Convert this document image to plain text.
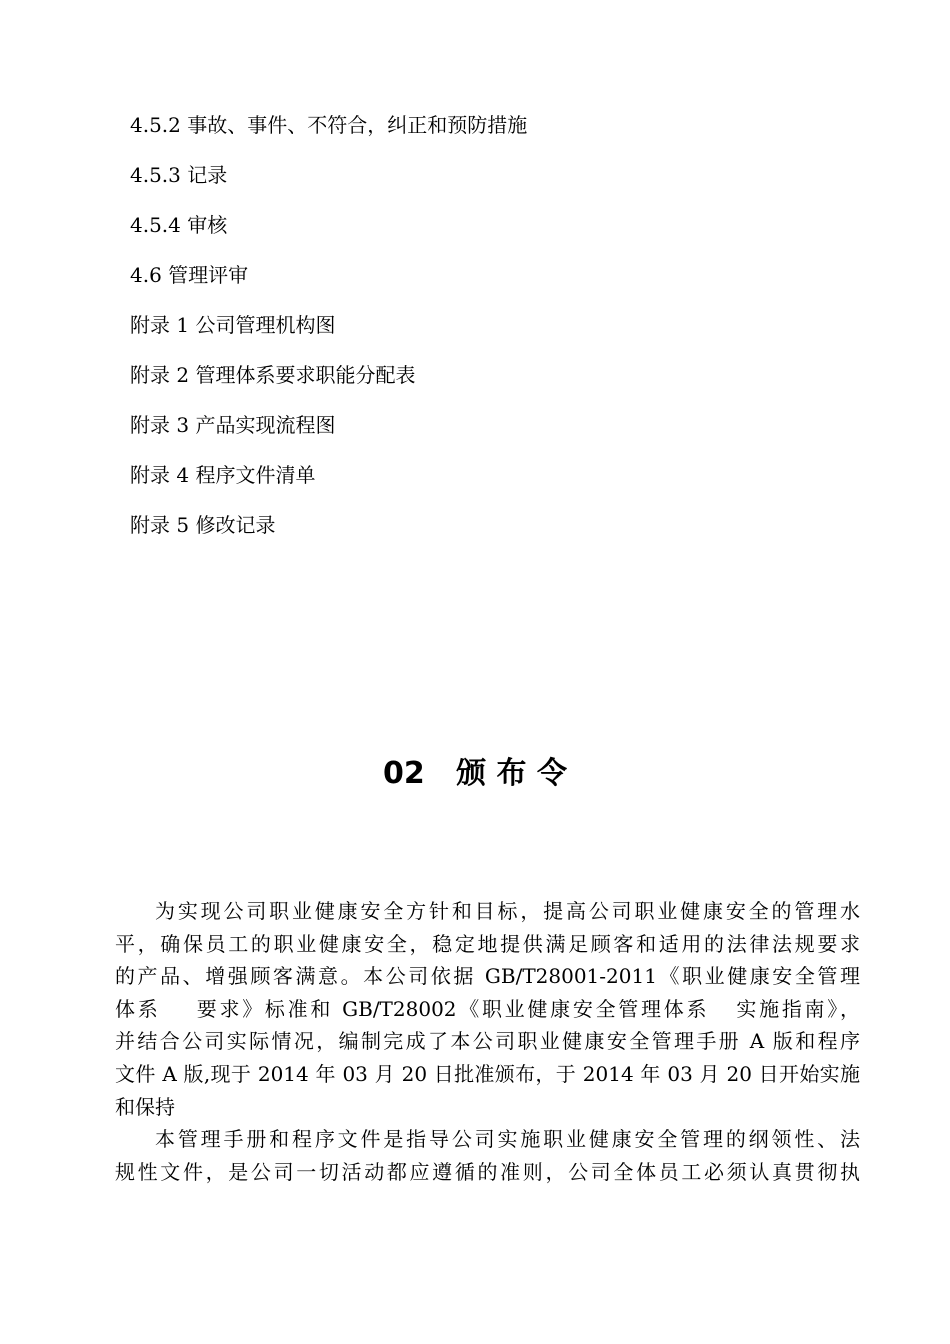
4.5.2 事故、事件、不符合，纠正和预防措施
4.5.3 记录
4.5.4 审核
4.6 管理评审
附录 1 公司管理机构图
附录 2 管理体系要求职能分配表
附录 3 产品实现流程图
附录 4 程序文件清单
附录 5 修改记录
02   颁 布 令
为实现公司职业健康安全方针和目标，提高公司职业健康安全的管理水
平，确保员工的职业健康安全，稳定地提供满足顾客和适用的法律法规要求
的产品、增强顾客满意。本公司依据 GB/T28001-2011《职业健康安全管理
体系    要求》标准和 GB/T28002《职业健康安全管理体系   实施指南》，
并结合公司实际情况，编制完成了本公司职业健康安全管理手册 A 版和程序
文件 A 版,现于 2014 年 03 月 20 日批准颁布，于 2014 年 03 月 20 日开始实施
和保持
本管理手册和程序文件是指导公司实施职业健康安全管理的纲领性、法
规性文件，是公司一切活动都应遵循的准则，公司全体员工必须认真贯彻执
